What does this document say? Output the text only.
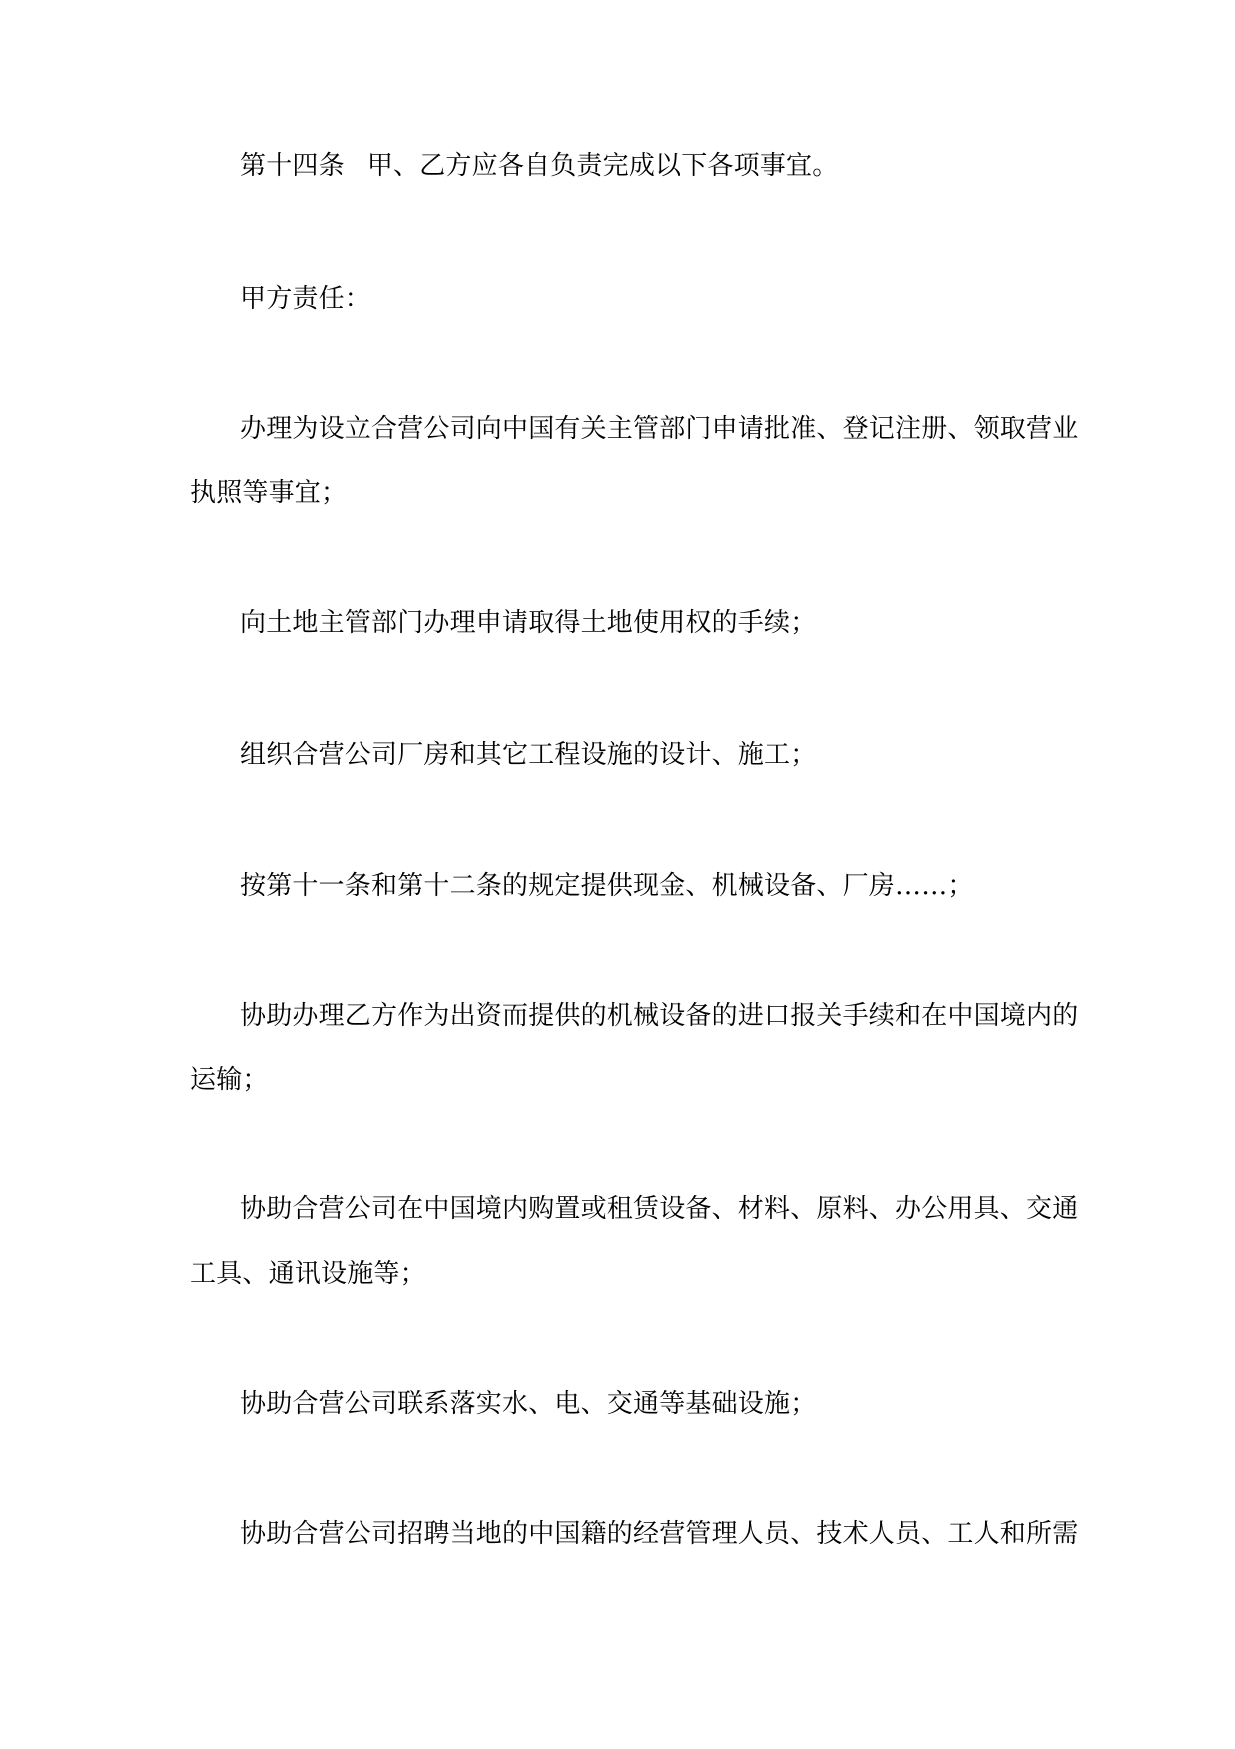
第十四条 甲、乙方应各自负责完成以下各项事宜。

甲方责任：

办理为设立合营公司向中国有关主管部门申请批准、登记注册、领取营业

执照等事宜；

向土地主管部门办理申请取得土地使用权的手续；

组织合营公司厂房和其它工程设施的设计、施工；

按第十一条和第十二条的规定提供现金、机械设备、厂房……；

协助办理乙方作为出资而提供的机械设备的进口报关手续和在中国境内的

运输；

协助合营公司在中国境内购置或租赁设备、材料、原料、办公用具、交通

工具、通讯设施等；

协助合营公司联系落实水、电、交通等基础设施；

协助合营公司招聘当地的中国籍的经营管理人员、技术人员、工人和所需
